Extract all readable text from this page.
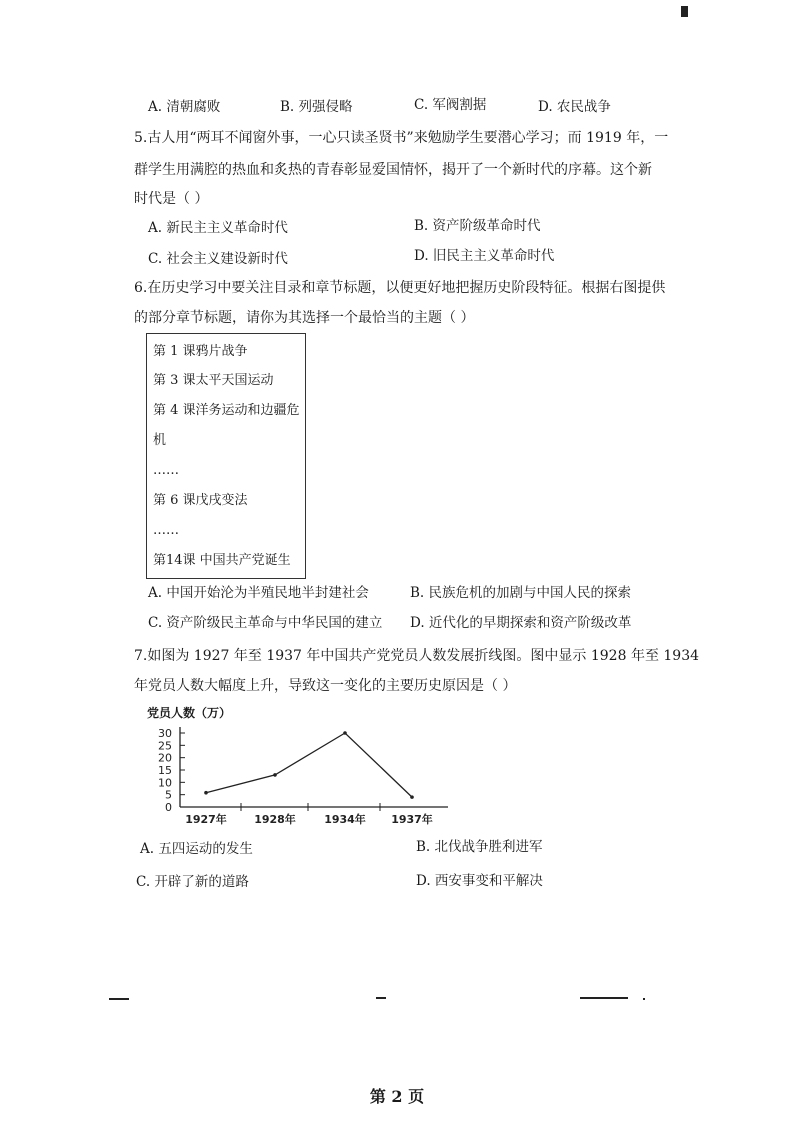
A. 清朝腐败	B. 列强侵略	C. 军阀割据	D. 农民战争
5.古人用“两耳不闻窗外事，一心只读圣贤书”来勉励学生要潜心学习；而 1919 年，一
群学生用满腔的热血和炙热的青春彰显爱国情怀，揭开了一个新时代的序幕。这个新
时代是（ ）
A. 新民主主义革命时代	B. 资产阶级革命时代
C. 社会主义建设新时代	D. 旧民主主义革命时代
6.在历史学习中要关注目录和章节标题，以便更好地把握历史阶段特征。根据右图提供
的部分章节标题，请你为其选择一个最恰当的主题（ ）
第 1 课鸦片战争
第 3 课太平天国运动
第 4 课洋务运动和边疆危
机
……
第 6 课戊戌变法
……
第14课 中国共产党诞生
A. 中国开始沦为半殖民地半封建社会	B. 民族危机的加剧与中国人民的探索
C. 资产阶级民主革命与中华民国的建立 D. 近代化的早期探索和资产阶级改革
7.如图为 1927 年至 1937 年中国共产党党员人数发展折线图。图中显示 1928 年至 1934
年党员人数大幅度上升，导致这一变化的主要历史原因是（ ）
党员人数（万）
0
5
10
15
20
25
30
1927年 1928年	1934年 1937年
A. 五四运动的发生	B. 北伐战争胜利进军
C. 开辟了新的道路	D. 西安事变和平解决
第 2 页
